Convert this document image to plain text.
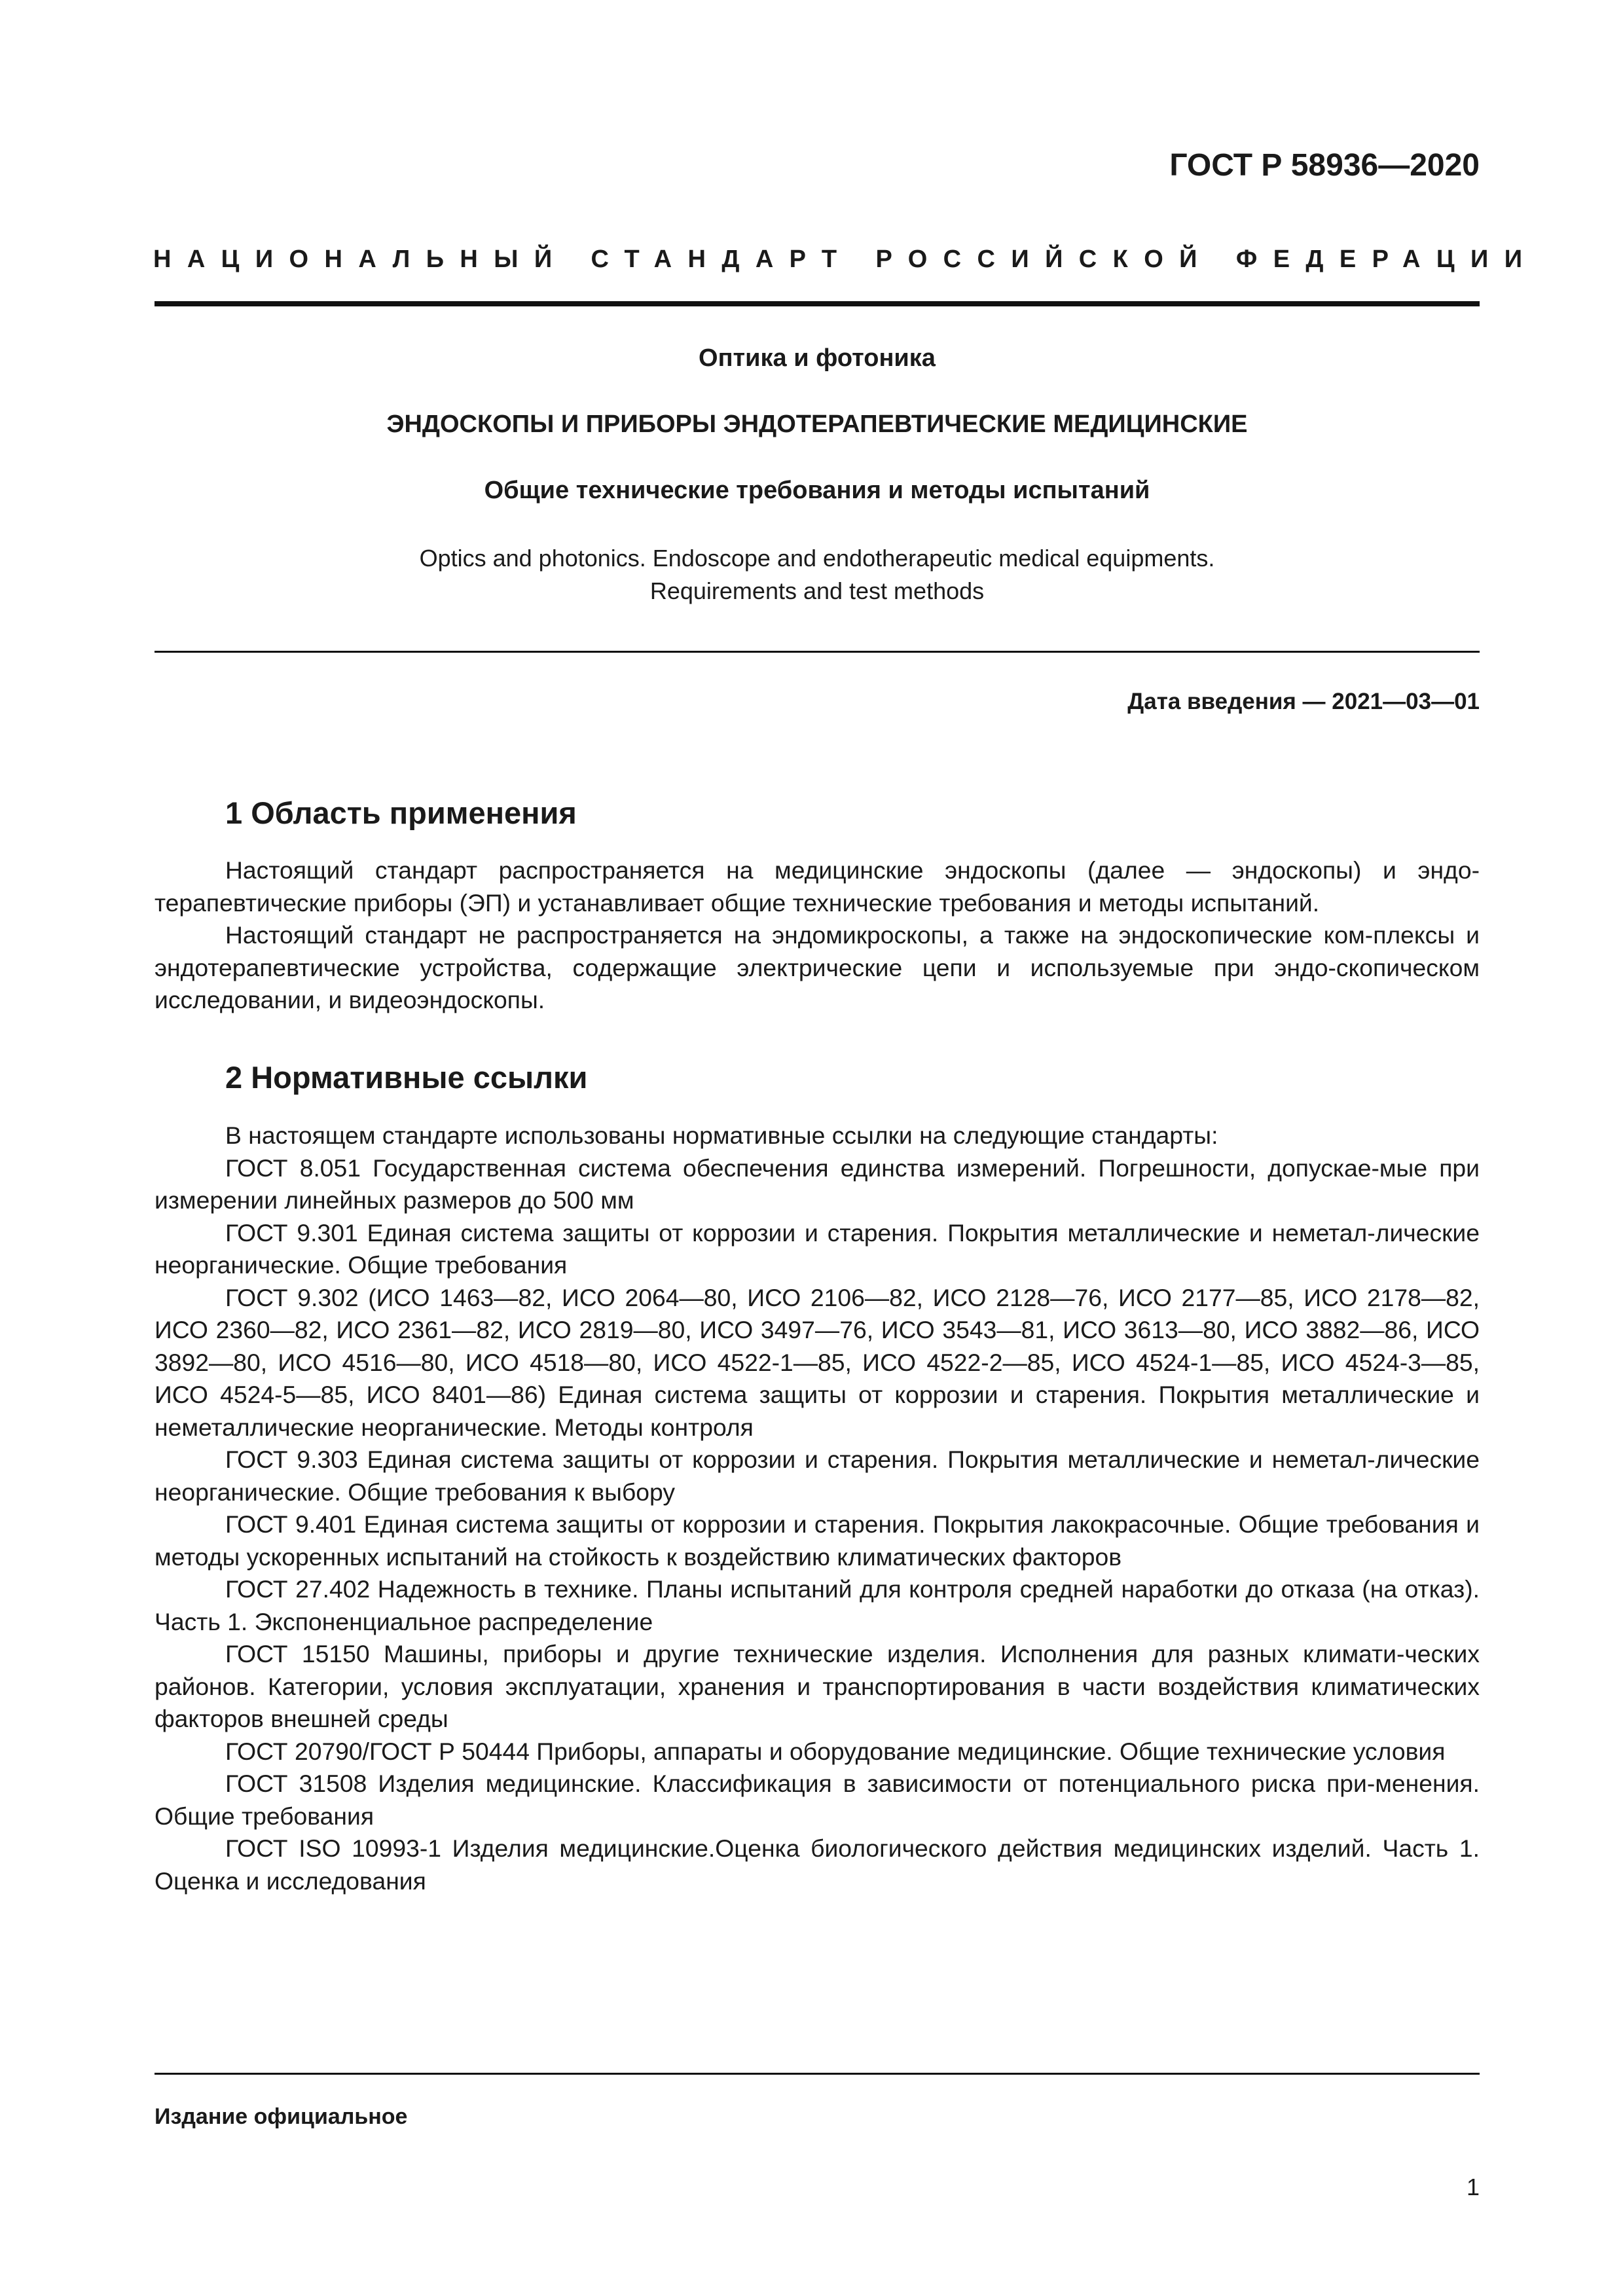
ГОСТ Р 58936—2020
НАЦИОНАЛЬНЫЙ СТАНДАРТ РОССИЙСКОЙ ФЕДЕРАЦИИ
Оптика и фотоника
ЭНДОСКОПЫ И ПРИБОРЫ ЭНДОТЕРАПЕВТИЧЕСКИЕ МЕДИЦИНСКИЕ
Общие технические требования и методы испытаний
Optics and photonics. Endoscope and endotherapeutic medical equipments.
Requirements and test methods
Дата введения — 2021—03—01
1 Область применения

Настоящий стандарт распространяется на медицинские эндоскопы (далее — эндоскопы) и эндо-терапевтические приборы (ЭП) и устанавливает общие технические требования и методы испытаний.

Настоящий стандарт не распространяется на эндомикроскопы, а также на эндоскопические ком-плексы и эндотерапевтические устройства, содержащие электрические цепи и используемые при эндо-скопическом исследовании, и видеоэндоскопы.

2 Нормативные ссылки

В настоящем стандарте использованы нормативные ссылки на следующие стандарты:

ГОСТ 8.051 Государственная система обеспечения единства измерений. Погрешности, допускае-мые при измерении линейных размеров до 500 мм

ГОСТ 9.301 Единая система защиты от коррозии и старения. Покрытия металлические и неметал-лические неорганические. Общие требования

ГОСТ 9.302 (ИСО 1463—82, ИСО 2064—80, ИСО 2106—82, ИСО 2128—76, ИСО 2177—85, ИСО 2178—82, ИСО 2360—82, ИСО 2361—82, ИСО 2819—80, ИСО 3497—76, ИСО 3543—81, ИСО 3613—80, ИСО 3882—86, ИСО 3892—80, ИСО 4516—80, ИСО 4518—80, ИСО 4522-1—85, ИСО 4522-2—85, ИСО 4524-1—85, ИСО 4524-3—85, ИСО 4524-5—85, ИСО 8401—86) Единая система защиты от коррозии и старения. Покрытия металлические и неметаллические неорганические. Методы контроля

ГОСТ 9.303 Единая система защиты от коррозии и старения. Покрытия металлические и неметал-лические неорганические. Общие требования к выбору

ГОСТ 9.401 Единая система защиты от коррозии и старения. Покрытия лакокрасочные. Общие требования и методы ускоренных испытаний на стойкость к воздействию климатических факторов

ГОСТ 27.402 Надежность в технике. Планы испытаний для контроля средней наработки до отказа (на отказ). Часть 1. Экспоненциальное распределение

ГОСТ 15150 Машины, приборы и другие технические изделия. Исполнения для разных климати-ческих районов. Категории, условия эксплуатации, хранения и транспортирования в части воздействия климатических факторов внешней среды

ГОСТ 20790/ГОСТ Р 50444 Приборы, аппараты и оборудование медицинские. Общие технические условия

ГОСТ 31508 Изделия медицинские. Классификация в зависимости от потенциального риска при-менения. Общие требования

ГОСТ ISO 10993-1 Изделия медицинские.Оценка биологического действия медицинских изделий. Часть 1. Оценка и исследования

Издание официальное
1
